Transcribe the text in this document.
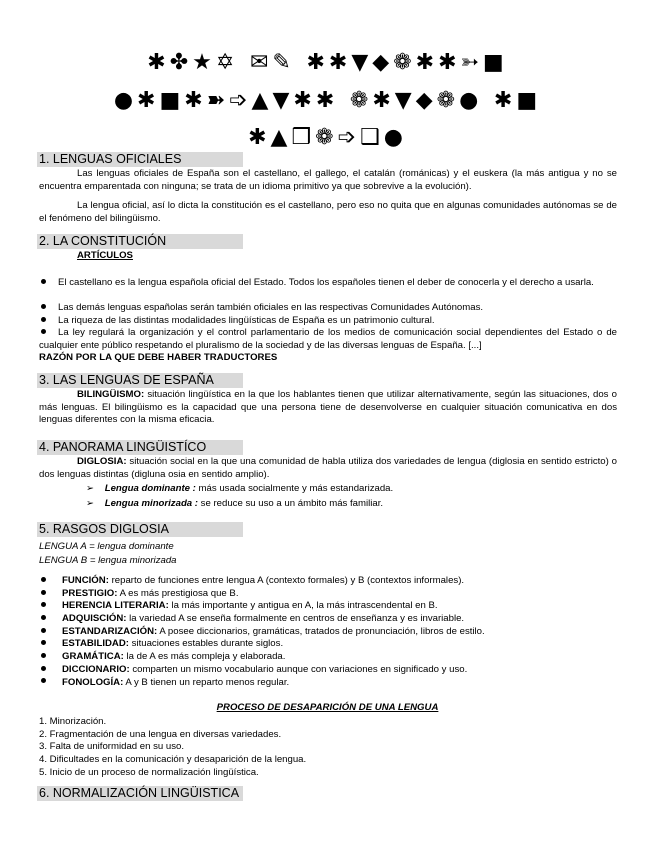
✱✤★✡ ✉✎ ✱✱▼◆❁✱✱➳■
●✱■✱➽➩▲▼✱✱ ❁✱▼◆❁● ✱■
✱▲❒❁➩❑●
1. LENGUAS OFICIALES
Las lenguas oficiales de España son el castellano, el gallego, el catalán (románicas) y el euskera (la más antigua y no se encuentra emparentada con ninguna; se trata de un idioma primitivo ya que sobrevive a la evolución).
La lengua oficial, así lo dicta la constitución es el castellano, pero eso no quita que en algunas comunidades autónomas se de el fenómeno del bilingüismo.
2. LA CONSTITUCIÓN
ARTÍCULOS
El castellano es la lengua española oficial del Estado. Todos los españoles tienen el deber de conocerla y el derecho a usarla.
Las demás lenguas españolas serán también oficiales en las respectivas Comunidades Autónomas.
La riqueza de las distintas modalidades lingüísticas de España es un patrimonio cultural.
La ley regulará la organización y el control parlamentario de los medios de comunicación social dependientes del Estado o de cualquier ente público respetando el pluralismo de la sociedad y de las diversas lenguas de España. [...]
RAZÓN POR LA QUE DEBE HABER TRADUCTORES
3. LAS LENGUAS DE ESPAÑA
BILINGÜISMO: situación lingüística en la que los hablantes tienen que utilizar alternativamente, según las situaciones, dos o más lenguas. El bilingüismo es la capacidad que una persona tiene de desenvolverse en cualquier situación comunicativa en dos lenguas diferentes con la misma eficacia.
4. PANORAMA LINGÜISTÍCO
DIGLOSIA: situación social en la que una comunidad de habla utiliza dos variedades de lengua (diglosia en sentido estricto) o dos lenguas distintas (digluna osia en sentido amplio).
➢ Lengua dominante : más usada socialmente y más estandarizada.
➢ Lengua minorizada : se reduce su uso a un ámbito más familiar.
5. RASGOS DIGLOSIA
LENGUA A = lengua dominante
LENGUA B = lengua minorizada
FUNCIÓN: reparto de funciones entre lengua A (contexto formales) y B (contextos informales).
PRESTIGIO: A es más prestigiosa que B.
HERENCIA LITERARIA: la más importante y antigua en A, la más intrascendental en B.
ADQUISCIÓN: la variedad A se enseña formalmente en centros de enseñanza y es invariable.
ESTANDARIZACIÓN: A posee diccionarios, gramáticas, tratados de pronunciación, libros de estilo.
ESTABILIDAD: situaciones estables durante siglos.
GRAMÁTICA: la de A es más compleja y elaborada.
DICCIONARIO: comparten un mismo vocabulario aunque con variaciones en significado y uso.
FONOLOGÍA: A y B tienen un reparto menos regular.
PROCESO DE DESAPARICIÓN DE UNA LENGUA
1. Minorización.
2. Fragmentación de una lengua en diversas variedades.
3. Falta de uniformidad en su uso.
4. Dificultades en la comunicación y desaparición de la lengua.
5. Inicio de un proceso de normalización lingüística.
6. NORMALIZACIÓN LINGÜISTICA
